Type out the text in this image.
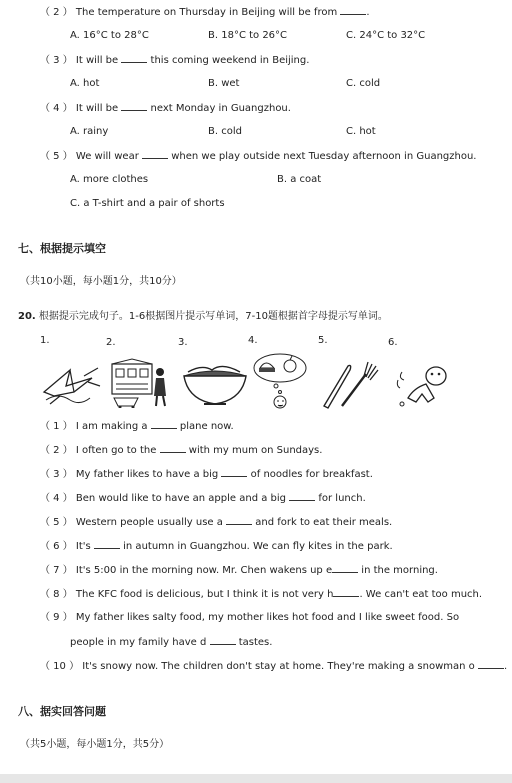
（ 2 ） The temperature on Thursday in Beijing will be from	.
A. 16°C to 28°C	B. 18°C to 26°C	C. 24°C to 32°C
（ 3 ） It will be	this coming weekend in Beijing.
A. hot	B. wet	C. cold
（ 4 ） It will be	next Monday in Guangzhou.
A. rainy	B. cold	C. hot
（ 5 ） We will wear	when we play outside next Tuesday afternoon in Guangzhou.
A. more clothes	B. a coat
C. a T-shirt and a pair of shorts
七、根据提示填空
（共10小题，每小题1分，共10分）
20. 根据提示完成句子。1-6根据图片提示写单词，7-10题根据首字母提示写单词。
1.	2.	3.	4.	5.	6.
（ 1 ） I am making a	plane now.
（ 2 ） I often go to the	with my mum on Sundays.
（ 3 ） My father likes to have a big	of noodles for breakfast.
（ 4 ） Ben would like to have an apple and a big	for lunch.
（ 5 ） Western people usually use a	and fork to eat their meals.
（ 6 ） It's	in autumn in Guangzhou. We can fly kites in the park.
（ 7 ） It's 5:00 in the morning now. Mr. Chen wakens up e	in the morning.
（ 8 ） The KFC food is delicious, but I think it is not very h	. We can't eat too much.
（ 9 ） My father likes salty food, my mother likes hot food and I like sweet food. So
people in my family have d	tastes.
（ 10 ） It's snowy now. The children don't stay at home. They're making a snowman o	.
八、据实回答问题
（共5小题，每小题1分，共5分）
